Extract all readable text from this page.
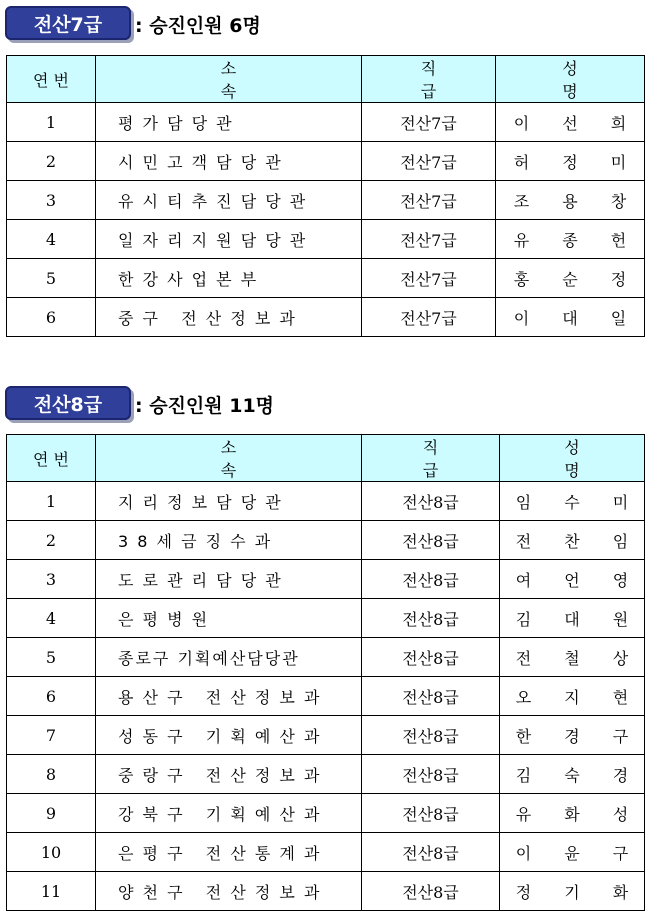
전산7급	: 승진인원 6명
연 번	소 속	직 급	성 명
1	평 가 담 당 관	전산7급	이 선 희
2	시 민 고 객 담 당 관	전산7급	허 정 미
3	유 시 티 추 진 담 당 관	전산7급	조 용 창
4	일 자 리 지 원 담 당 관	전산7급	유 종 헌
5	한 강 사 업 본 부	전산7급	홍 순 정
6	중 구   전 산 정 보 과	전산7급	이 대 일
전산8급	: 승진인원 11명
연 번	소 속	직 급	성 명
1	지 리 정 보 담 당 관	전산8급	임 수 미
2	3 8 세 금 징 수 과	전산8급	전 찬 임
3	도 로 관 리 담 당 관	전산8급	여 언 영
4	은 평 병 원	전산8급	김 대 원
5	종로구 기획예산담당관	전산8급	전 철 상
6	용 산 구   전 산 정 보 과	전산8급	오 지 현
7	성 동 구   기 획 예 산 과	전산8급	한 경 구
8	중 랑 구   전 산 정 보 과	전산8급	김 숙 경
9	강 북 구   기 획 예 산 과	전산8급	유 화 성
10	은 평 구   전 산 통 계 과	전산8급	이 윤 구
11	양 천 구   전 산 정 보 과	전산8급	정 기 화
